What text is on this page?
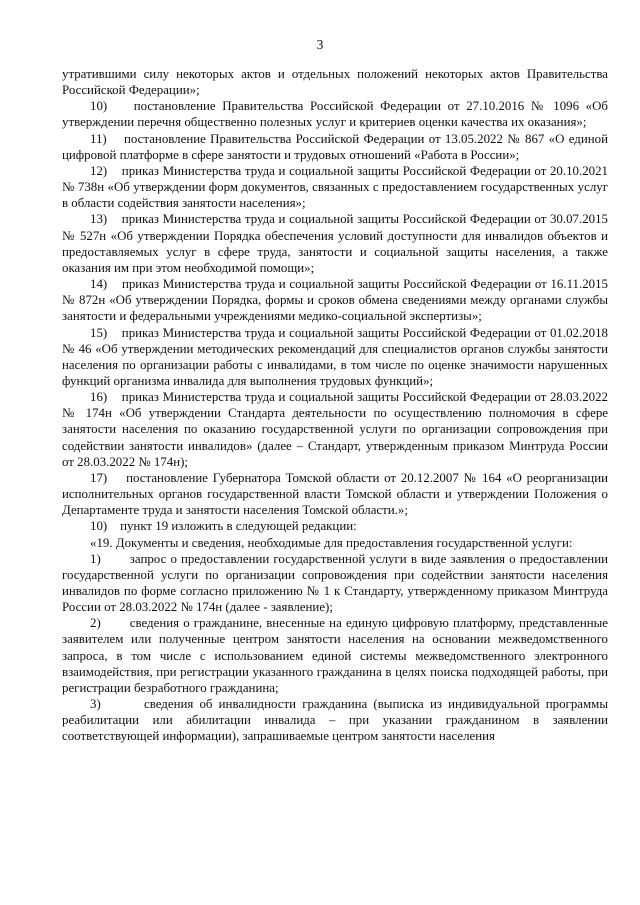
3

утратившими силу некоторых актов и отдельных положений некоторых актов Правительства Российской Федерации»;

10)    постановление Правительства Российской Федерации от 27.10.2016 № 1096 «Об утверждении перечня общественно полезных услуг и критериев оценки качества их оказания»;

11)    постановление Правительства Российской Федерации от 13.05.2022 № 867 «О единой цифровой платформе в сфере занятости и трудовых отношений «Работа в России»;

12)    приказ Министерства труда и социальной защиты Российской Федерации от 20.10.2021 № 738н «Об утверждении форм документов, связанных с предоставлением государственных услуг в области содействия занятости населения»;

13)    приказ Министерства труда и социальной защиты Российской Федерации от 30.07.2015 № 527н «Об утверждении Порядка обеспечения условий доступности для инвалидов объектов и предоставляемых услуг в сфере труда, занятости и социальной защиты населения, а также оказания им при этом необходимой помощи»;

14)    приказ Министерства труда и социальной защиты Российской Федерации от 16.11.2015 № 872н «Об утверждении Порядка, формы и сроков обмена сведениями между органами службы занятости и федеральными учреждениями медико-социальной экспертизы»;

15)    приказ Министерства труда и социальной защиты Российской Федерации от 01.02.2018 № 46 «Об утверждении методических рекомендаций для специалистов органов службы занятости населения по организации работы с инвалидами, в том числе по оценке значимости нарушенных функций организма инвалида для выполнения трудовых функций»;

16)    приказ Министерства труда и социальной защиты Российской Федерации от 28.03.2022 № 174н «Об утверждении Стандарта деятельности по осуществлению полномочия в сфере занятости населения по оказанию государственной услуги по организации сопровождения при содействии занятости инвалидов» (далее – Стандарт, утвержденным приказом Минтруда России от 28.03.2022 № 174н);

17)    постановление Губернатора Томской области от 20.12.2007 № 164 «О реорганизации исполнительных органов государственной власти Томской области и утверждении Положения о Департаменте труда и занятости населения Томской области.»;

10)    пункт 19 изложить в следующей редакции:

«19. Документы и сведения, необходимые для предоставления государственной услуги:

1)       запрос о предоставлении государственной услуги в виде заявления о предоставлении государственной услуги по организации сопровождения при содействии занятости населения инвалидов по форме согласно приложению № 1 к Стандарту, утвержденному приказом Минтруда России от 28.03.2022 № 174н (далее - заявление);

2)       сведения о гражданине, внесенные на единую цифровую платформу, представленные заявителем или полученные центром занятости населения на основании межведомственного запроса, в том числе с использованием единой системы межведомственного электронного взаимодействия, при регистрации указанного гражданина в целях поиска подходящей работы, при регистрации безработного гражданина;

3)       сведения об инвалидности гражданина (выписка из индивидуальной программы реабилитации или абилитации инвалида – при указании гражданином в заявлении соответствующей информации), запрашиваемые центром занятости населения
